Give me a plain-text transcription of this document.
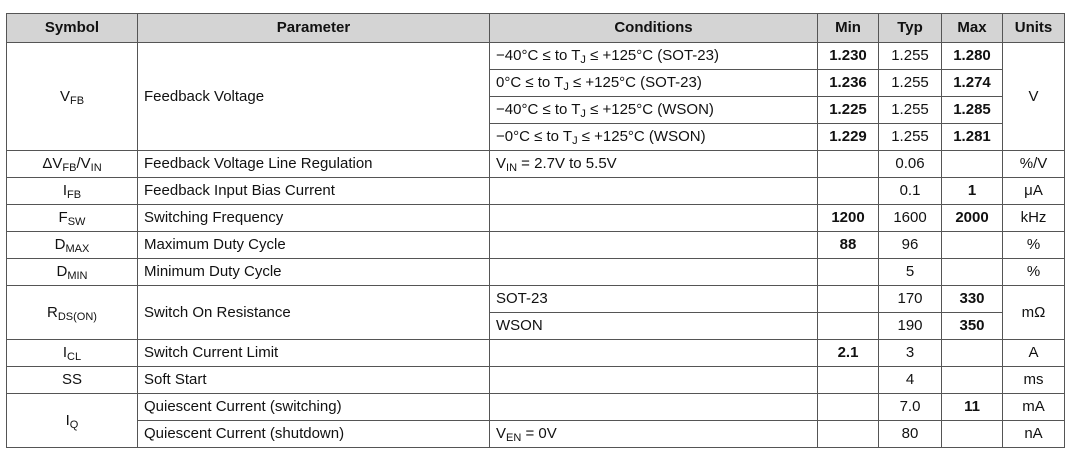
Symbol	Parameter	Conditions	Min	Typ	Max	Units
$V_{FB}$	Feedback Voltage	−40°C ≤ to $T_J \le +125^\circ C$ (SOT-23)	1.230	1.255	1.280	V
		0°C ≤ to $T_J \le +125^\circ C$ (SOT-23)	1.236	1.255	1.274	
		−40°C ≤ to $T_J \le +125^\circ C$ (WSON)	1.225	1.255	1.285	
		−0°C ≤ to $T_J \le +125^\circ C$ (WSON)	1.229	1.255	1.281	
$\Delta V_{FB}/V_{IN}$	Feedback Voltage Line Regulation	$V_{IN} = 2.7V$ to 5.5V		0.06		%/V
$I_{FB}$	Feedback Input Bias Current			0.1	1	μA
$F_{SW}$	Switching Frequency		1200	1600	2000	kHz
$D_{MAX}$	Maximum Duty Cycle		88	96		%
$D_{MIN}$	Minimum Duty Cycle			5		%
$R_{DS(ON)}$	Switch On Resistance	SOT-23		170	330	mΩ
		WSON		190	350	
$I_{CL}$	Switch Current Limit		2.1	3		A
SS	Soft Start			4		ms
$I_Q$	Quiescent Current (switching)			7.0	11	mA
	Quiescent Current (shutdown)	$V_{EN} = 0V$		80		nA
